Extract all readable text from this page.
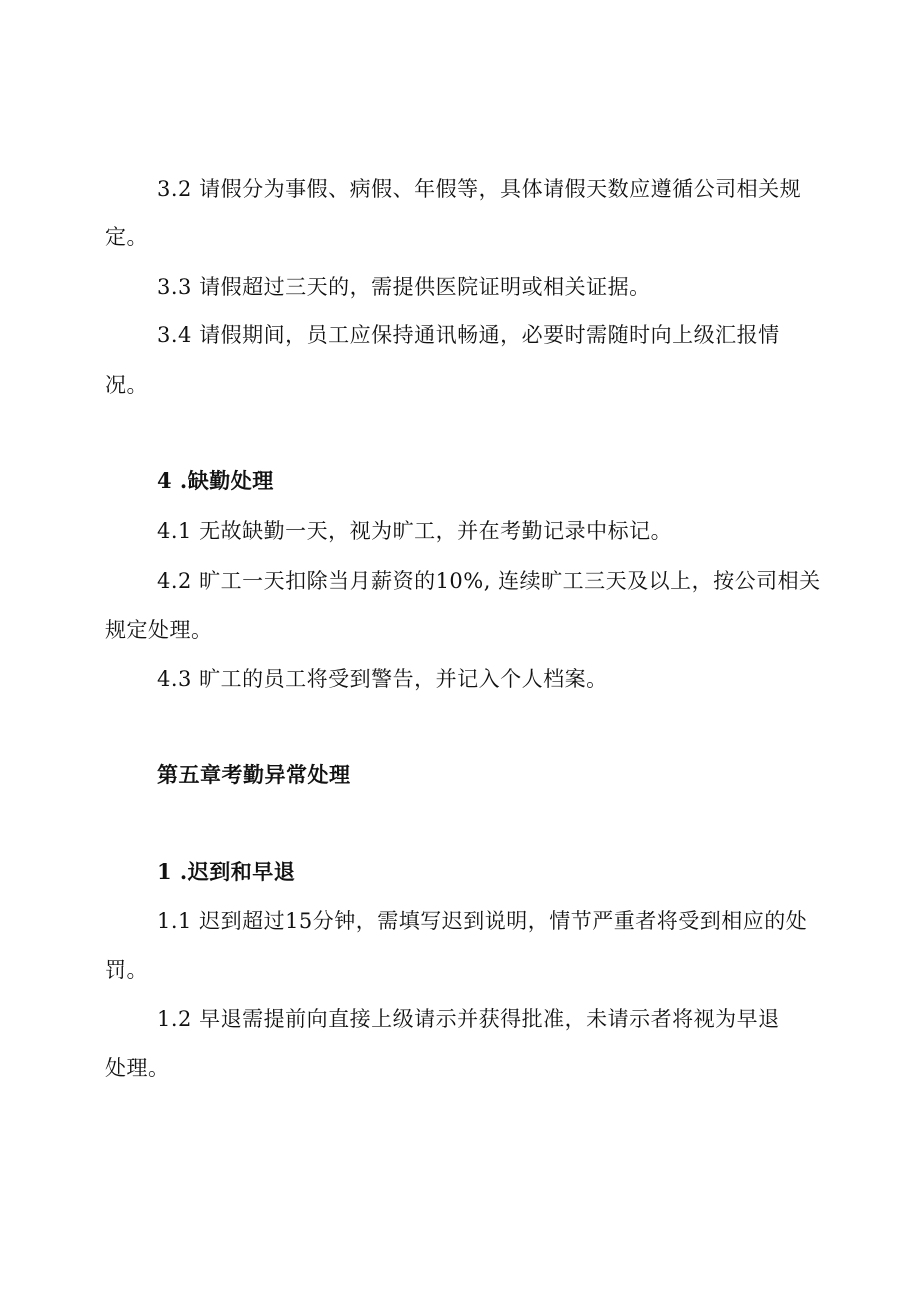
3.2 请假分为事假、病假、年假等，具体请假天数应遵循公司相关规
定。
3.3 请假超过三天的，需提供医院证明或相关证据。
3.4 请假期间，员工应保持通讯畅通，必要时需随时向上级汇报情
况。
4 .缺勤处理
4.1 无故缺勤一天，视为旷工，并在考勤记录中标记。
4.2 旷工一天扣除当月薪资的10%, 连续旷工三天及以上，按公司相关
规定处理。
4.3 旷工的员工将受到警告，并记入个人档案。
第五章考勤异常处理
1 .迟到和早退
1.1 迟到超过15分钟，需填写迟到说明，情节严重者将受到相应的处
罚。
1.2 早退需提前向直接上级请示并获得批准，未请示者将视为早退
处理。
